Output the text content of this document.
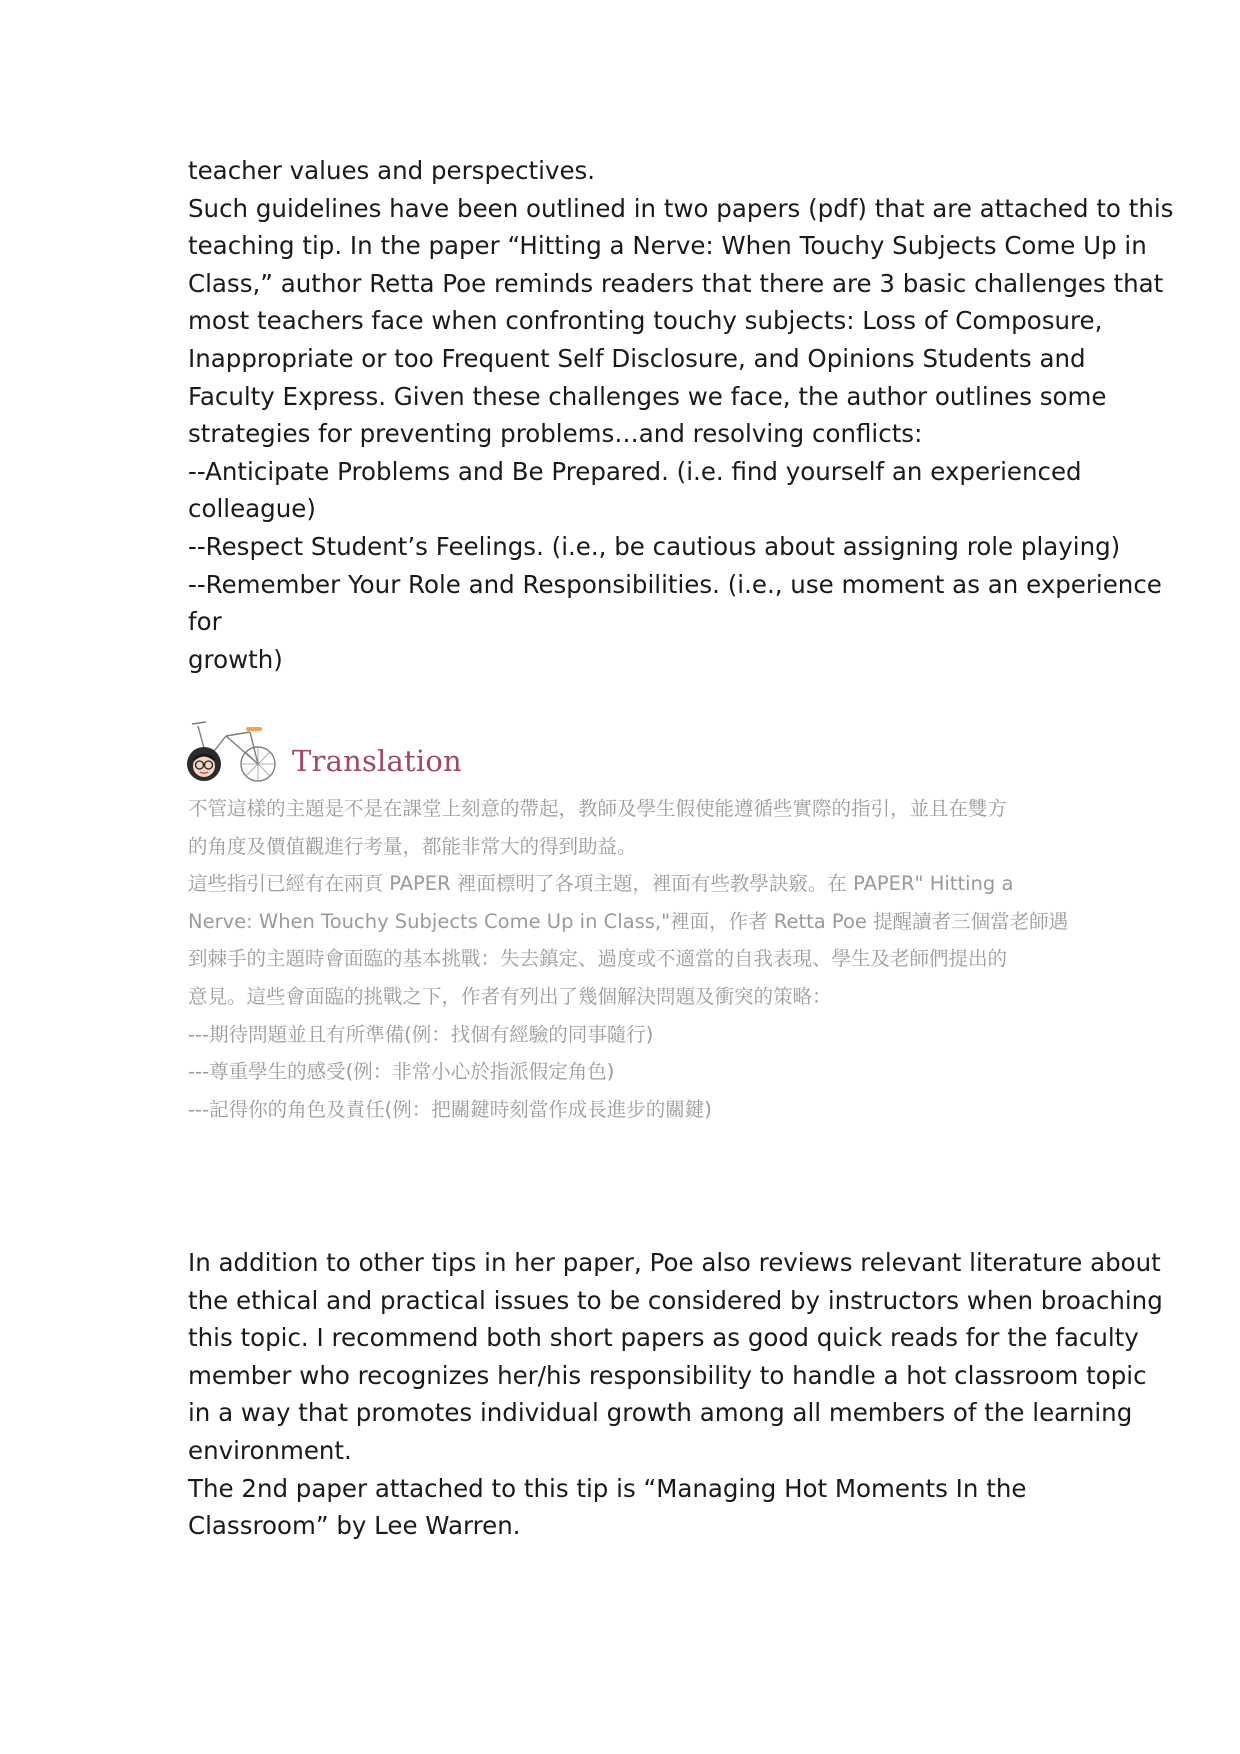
teacher values and perspectives.

Such guidelines have been outlined in two papers (pdf) that are attached to this

teaching tip. In the paper “Hitting a Nerve: When Touchy Subjects Come Up in

Class,” author Retta Poe reminds readers that there are 3 basic challenges that

most teachers face when confronting touchy subjects: Loss of Composure,

Inappropriate or too Frequent Self Disclosure, and Opinions Students and

Faculty Express. Given these challenges we face, the author outlines some

strategies for preventing problems…and resolving conflicts:

--Anticipate Problems and Be Prepared. (i.e. find yourself an experienced

colleague)

--Respect Student’s Feelings. (i.e., be cautious about assigning role playing)

--Remember Your Role and Responsibilities. (i.e., use moment as an experience

for

growth)

Translation

不管這樣的主題是不是在課堂上刻意的帶起，教師及學生假使能遵循些實際的指引，並且在雙方

的角度及價值觀進行考量，都能非常大的得到助益。

這些指引已經有在兩頁 PAPER 裡面標明了各項主題，裡面有些教學訣竅。在 PAPER" Hitting a

Nerve: When Touchy Subjects Come Up in Class,"裡面，作者 Retta Poe 提醒讀者三個當老師遇

到棘手的主題時會面臨的基本挑戰：失去鎮定、過度或不適當的自我表現、學生及老師們提出的

意見。這些會面臨的挑戰之下，作者有列出了幾個解決問題及衝突的策略：

---期待問題並且有所準備(例：找個有經驗的同事隨行)

---尊重學生的感受(例：非常小心於指派假定角色)

---記得你的角色及責任(例：把關鍵時刻當作成長進步的關鍵)

In addition to other tips in her paper, Poe also reviews relevant literature about

the ethical and practical issues to be considered by instructors when broaching

this topic. I recommend both short papers as good quick reads for the faculty

member who recognizes her/his responsibility to handle a hot classroom topic

in a way that promotes individual growth among all members of the learning

environment.

The 2nd paper attached to this tip is “Managing Hot Moments In the

Classroom” by Lee Warren.
